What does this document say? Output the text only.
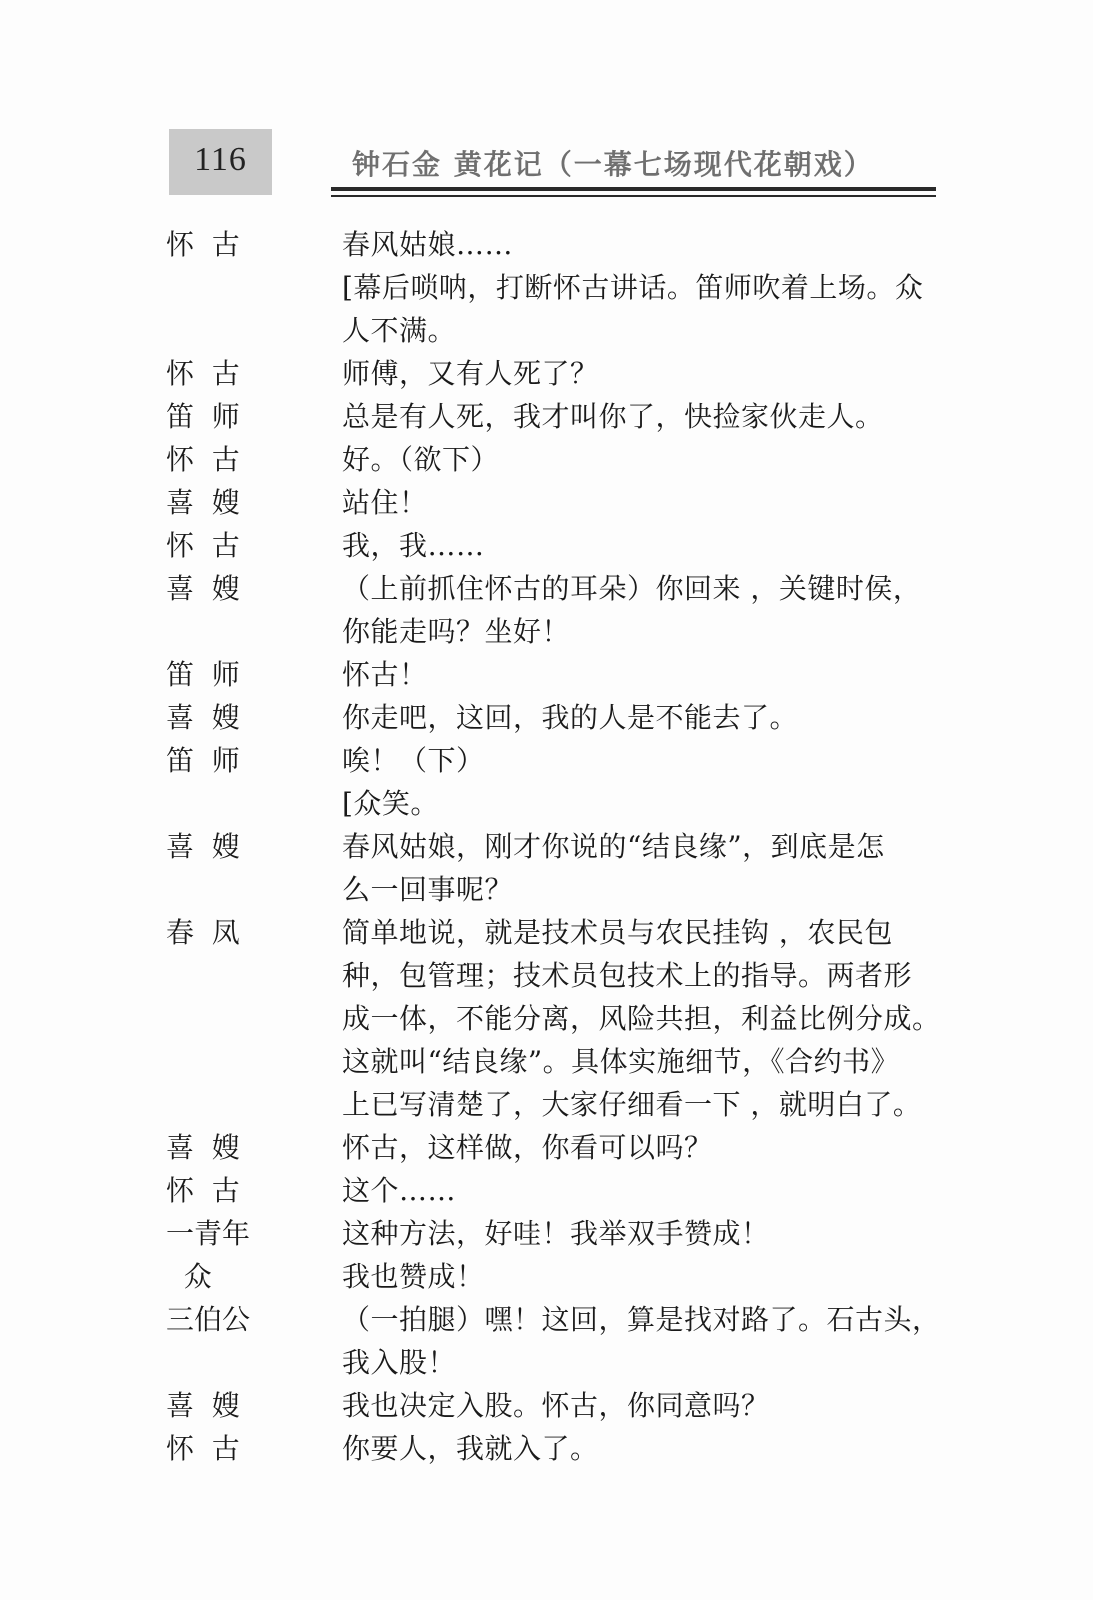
116	钟石金 黄花记（一幕七场现代花朝戏）
怀  古	春风姑娘……
[幕后唢呐，打断怀古讲话。笛师吹着上场。众
人不满。
怀  古	师傅，又有人死了？
笛  师	总是有人死，我才叫你了，快捡家伙走人。
怀  古	好。（欲下）
喜  嫂	站住！
怀  古	我，我……
喜  嫂	（上前抓住怀古的耳朵）你回来 ，关键时侯，
你能走吗？坐好！
笛  师	怀古！
喜  嫂	你走吧，这回，我的人是不能去了。
笛  师	唉！（下）
[众笑。
喜  嫂	春风姑娘，刚才你说的“结良缘”，到底是怎
么一回事呢？
春  凤	简单地说，就是技术员与农民挂钩 ，农民包
种，包管理；技术员包技术上的指导。两者形
成一体，不能分离，风险共担，利益比例分成。
这就叫“结良缘”。具体实施细节，《合约书》
上已写清楚了，大家仔细看一下 ，就明白了。
喜  嫂	怀古，这样做，你看可以吗？
怀  古	这个……
一青年	这种方法，好哇！我举双手赞成！
众	我也赞成！
三伯公	（一拍腿）嘿！这回，算是找对路了。石古头，
我入股！
喜  嫂	我也决定入股。怀古，你同意吗？
怀  古	你要人，我就入了。
